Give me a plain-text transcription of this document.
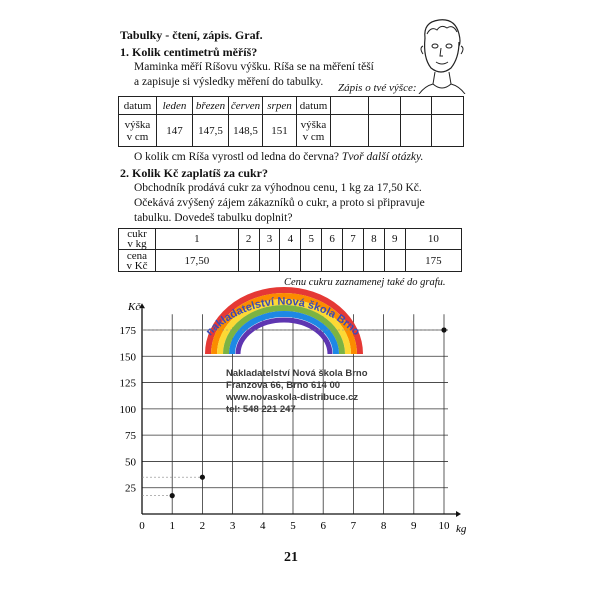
Tabulky - čtení, zápis. Graf.
1. Kolik centimetrů měříš?
Maminka měří Ríšovu výšku. Ríša se na měření těší
a zapisuje si výsledky měření do tabulky. Zápis o tvé výšce:
datum	leden	březen	červen	srpen	datum				
výška
v cm	147	147,5	148,5	151	výška
v cm				
O kolik cm Ríša vyrostl od ledna do června? Tvoř další otázky.
2. Kolik Kč zaplatíš za cukr?
Obchodník prodává cukr za výhodnou cenu, 1 kg za 17,50 Kč.
Očekává zvýšený zájem zákazníků o cukr, a proto si připravuje
tabulku. Dovedeš tabulku doplnit?
cukr
v kg	1	2	3	4	5	6	7	8	9	10
cena
v Kč	17,50									175
Cenu cukru zaznamenej také do grafu.
nakladatelství Nová škola Brno
0 1 2 3 4 5 6 7 8 9 10
25
50
75
100
125
150
175
Kč
kg
Nakladatelství Nová škola Brno
Franzova 66, Brno 614 00
www.novaskola-distribuce.cz
tel: 548 221 247
21
